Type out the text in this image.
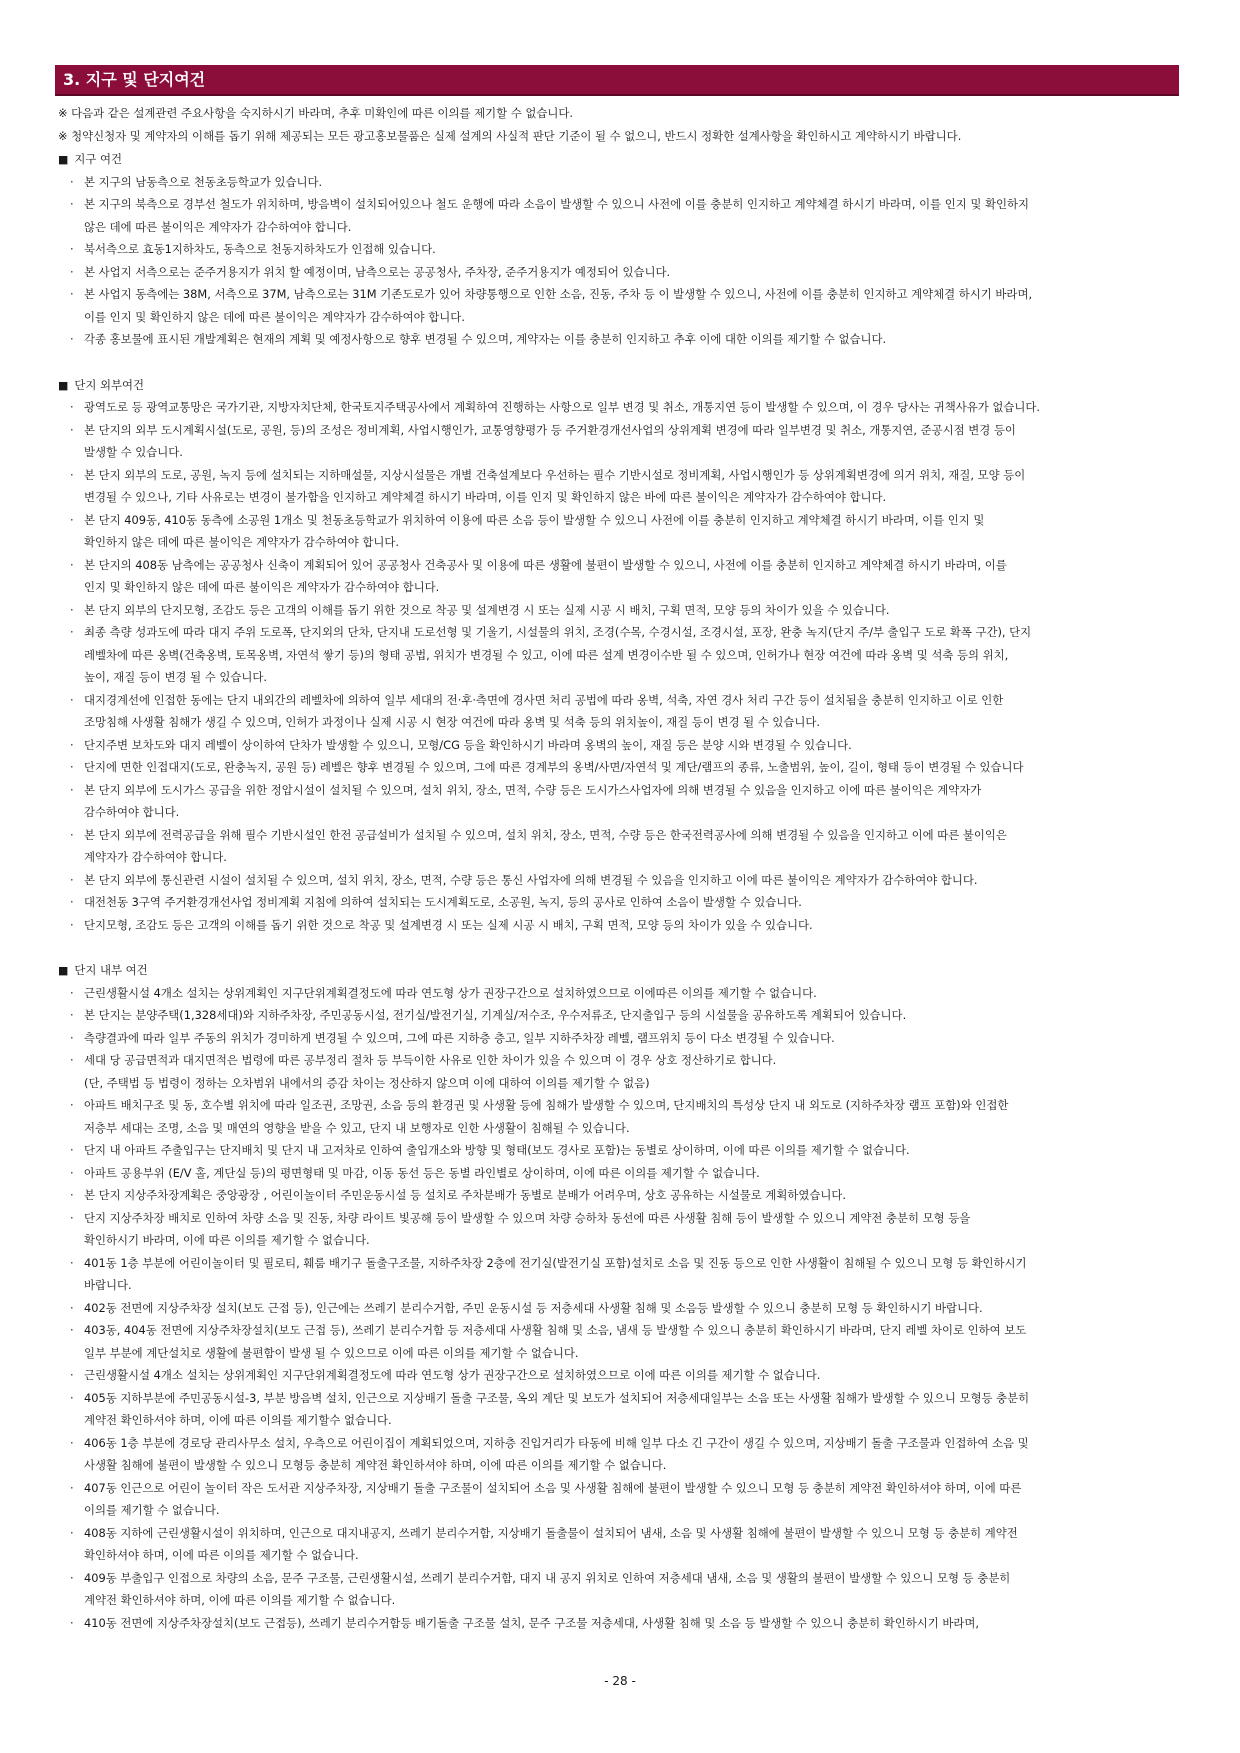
3. 지구 및 단지여건
※ 다음과 같은 설계관련 주요사항을 숙지하시기 바라며, 추후 미확인에 따른 이의를 제기할 수 없습니다.
※ 청약신청자 및 계약자의 이해를 돕기 위해 제공되는 모든 광고홍보물품은 실제 설계의 사실적 판단 기준이 될 수 없으니, 반드시 정확한 설계사항을 확인하시고 계약하시기 바랍니다.
■ 지구 여건
· 본 지구의 남동측으로 천동초등학교가 있습니다.
· 본 지구의 북측으로 경부선 철도가 위치하며, 방음벽이 설치되어있으나 철도 운행에 따라 소음이 발생할 수 있으니 사전에 이를 충분히 인지하고 계약체결 하시기 바라며, 이를 인지 및 확인하지
않은 데에 따른 불이익은 계약자가 감수하여야 합니다.
· 북서측으로 효동1지하차도, 동측으로 천동지하차도가 인접해 있습니다.
· 본 사업지 서측으로는 준주거용지가 위치 할 예정이며, 남측으로는 공공청사, 주차장, 준주거용지가 예정되어 있습니다.
· 본 사업지 동측에는 38M, 서측으로 37M, 남측으로는 31M 기존도로가 있어 차량통행으로 인한 소음, 진동, 주차 등 이 발생할 수 있으니, 사전에 이를 충분히 인지하고 계약체결 하시기 바라며,
이를 인지 및 확인하지 않은 데에 따른 불이익은 계약자가 감수하여야 합니다.
· 각종 홍보물에 표시된 개발계획은 현재의 계획 및 예정사항으로 향후 변경될 수 있으며, 계약자는 이를 충분히 인지하고 추후 이에 대한 이의를 제기할 수 없습니다.
■ 단지 외부여건
· 광역도로 등 광역교통망은 국가기관, 지방자치단체, 한국토지주택공사에서 계획하여 진행하는 사항으로 일부 변경 및 취소, 개통지연 등이 발생할 수 있으며, 이 경우 당사는 귀책사유가 없습니다.
· 본 단지의 외부 도시계획시설(도로, 공원, 등)의 조성은 정비계획, 사업시행인가, 교통영향평가 등 주거환경개선사업의 상위계획 변경에 따라 일부변경 및 취소, 개통지연, 준공시점 변경 등이
발생할 수 있습니다.
· 본 단지 외부의 도로, 공원, 녹지 등에 설치되는 지하매설물, 지상시설물은 개별 건축설계보다 우선하는 필수 기반시설로 정비계획, 사업시행인가 등 상위계획변경에 의거 위치, 재질, 모양 등이
변경될 수 있으나, 기타 사유로는 변경이 불가함을 인지하고 계약체결 하시기 바라며, 이를 인지 및 확인하지 않은 바에 따른 불이익은 계약자가 감수하여야 합니다.
· 본 단지 409동, 410동 동측에 소공원 1개소 및 천동초등학교가 위치하여 이용에 따른 소음 등이 발생할 수 있으니 사전에 이를 충분히 인지하고 계약체결 하시기 바라며, 이를 인지 및
확인하지 않은 데에 따른 불이익은 계약자가 감수하여야 합니다.
· 본 단지의 408동 남측에는 공공청사 신축이 계획되어 있어 공공청사 건축공사 및 이용에 따른 생활에 불편이 발생할 수 있으니, 사전에 이를 충분히 인지하고 계약체결 하시기 바라며, 이를
인지 및 확인하지 않은 데에 따른 불이익은 계약자가 감수하여야 합니다.
· 본 단지 외부의 단지모형, 조감도 등은 고객의 이해를 돕기 위한 것으로 착공 및 설계변경 시 또는 실제 시공 시 배치, 구획 면적, 모양 등의 차이가 있을 수 있습니다.
· 최종 측량 성과도에 따라 대지 주위 도로폭, 단지외의 단차, 단지내 도로선형 및 기울기, 시설물의 위치, 조경(수목, 수경시설, 조경시설, 포장, 완충 녹지(단지 주/부 출입구 도로 확폭 구간), 단지
레벨차에 따른 옹벽(건축옹벽, 토목옹벽, 자연석 쌓기 등)의 형태 공법, 위치가 변경될 수 있고, 이에 따른 설계 변경이수반 될 수 있으며, 인허가나 현장 여건에 따라 옹벽 및 석축 등의 위치,
높이, 재질 등이 변경 될 수 있습니다.
· 대지경계선에 인접한 동에는 단지 내외간의 레벨차에 의하여 일부 세대의 전·후·측면에 경사면 처리 공법에 따라 옹벽, 석축, 자연 경사 처리 구간 등이 설치됨을 충분히 인지하고 이로 인한
조망침해 사생활 침해가 생길 수 있으며, 인허가 과정이나 실제 시공 시 현장 여건에 따라 옹벽 및 석축 등의 위치높이, 재질 등이 변경 될 수 있습니다.
· 단지주변 보차도와 대지 레벨이 상이하여 단차가 발생할 수 있으니, 모형/CG 등을 확인하시기 바라며 옹벽의 높이, 재질 등은 분양 시와 변경될 수 있습니다.
· 단지에 면한 인접대지(도로, 완충녹지, 공원 등) 레벨은 향후 변경될 수 있으며, 그에 따른 경계부의 옹벽/사면/자연석 및 계단/램프의 종류, 노출범위, 높이, 길이, 형태 등이 변경될 수 있습니다
· 본 단지 외부에 도시가스 공급을 위한 정압시설이 설치될 수 있으며, 설치 위치, 장소, 면적, 수량 등은 도시가스사업자에 의해 변경될 수 있음을 인지하고 이에 따른 불이익은 계약자가
감수하여야 합니다.
· 본 단지 외부에 전력공급을 위해 필수 기반시설인 한전 공급설비가 설치될 수 있으며, 설치 위치, 장소, 면적, 수량 등은 한국전력공사에 의해 변경될 수 있음을 인지하고 이에 따른 불이익은
계약자가 감수하여야 합니다.
· 본 단지 외부에 통신관련 시설이 설치될 수 있으며, 설치 위치, 장소, 면적, 수량 등은 통신 사업자에 의해 변경될 수 있음을 인지하고 이에 따른 불이익은 계약자가 감수하여야 합니다.
· 대전천동 3구역 주거환경개선사업 정비계획 지침에 의하여 설치되는 도시계획도로, 소공원, 녹지, 등의 공사로 인하여 소음이 발생할 수 있습니다.
· 단지모형, 조감도 등은 고객의 이해를 돕기 위한 것으로 착공 및 설계변경 시 또는 실제 시공 시 배치, 구획 면적, 모양 등의 차이가 있을 수 있습니다.
■ 단지 내부 여건
· 근린생활시설 4개소 설치는 상위계획인 지구단위계획결정도에 따라 연도형 상가 권장구간으로 설치하였으므로 이에따른 이의를 제기할 수 없습니다.
· 본 단지는 분양주택(1,328세대)와 지하주차장, 주민공동시설, 전기실/발전기실, 기계실/저수조, 우수저류조, 단지출입구 등의 시설물을 공유하도록 계획되어 있습니다.
· 측량결과에 따라 일부 주동의 위치가 경미하게 변경될 수 있으며, 그에 따른 지하층 층고, 일부 지하주차장 레벨, 램프위치 등이 다소 변경될 수 있습니다.
· 세대 당 공급면적과 대지면적은 법령에 따른 공부정리 절차 등 부득이한 사유로 인한 차이가 있을 수 있으며 이 경우 상호 정산하기로 합니다.
(단, 주택법 등 법령이 정하는 오차범위 내에서의 증감 차이는 정산하지 않으며 이에 대하여 이의를 제기할 수 없음)
· 아파트 배치구조 및 동, 호수별 위치에 따라 일조권, 조망권, 소음 등의 환경권 및 사생활 등에 침해가 발생할 수 있으며, 단지배치의 특성상 단지 내 외도로 (지하주차장 램프 포함)와 인접한
저층부 세대는 조명, 소음 및 매연의 영향을 받을 수 있고, 단지 내 보행자로 인한 사생활이 침해될 수 있습니다.
· 단지 내 아파트 주출입구는 단지배치 및 단지 내 고저차로 인하여 출입개소와 방향 및 형태(보도 경사로 포함)는 동별로 상이하며, 이에 따른 이의를 제기할 수 없습니다.
· 아파트 공용부위 (E/V 홀, 계단실 등)의 평면형태 및 마감, 이동 동선 등은 동별 라인별로 상이하며, 이에 따른 이의를 제기할 수 없습니다.
· 본 단지 지상주차장계획은 중앙광장 , 어린이놀이터 주민운동시설 등 설치로 주차분배가 동별로 분배가 어려우며, 상호 공유하는 시설물로 계획하였습니다.
· 단지 지상주차장 배치로 인하여 차량 소음 및 진동, 차량 라이트 빛공해 등이 발생할 수 있으며 차량 승하차 동선에 따른 사생활 침해 등이 발생할 수 있으니 계약전 충분히 모형 등을
확인하시기 바라며, 이에 따른 이의를 제기할 수 없습니다.
· 401동 1층 부분에 어린이놀이터 및 필로티, 훼룸 배기구 돌출구조물, 지하주차장 2층에 전기실(발전기실 포함)설치로 소음 및 진동 등으로 인한 사생활이 침해될 수 있으니 모형 등 확인하시기
바랍니다.
· 402동 전면에 지상주차장 설치(보도 근접 등), 인근에는 쓰레기 분리수거함, 주민 운동시설 등 저층세대 사생활 침해 및 소음등 발생할 수 있으니 충분히 모형 등 확인하시기 바랍니다.
· 403동, 404동 전면에 지상주차장설치(보도 근접 등), 쓰레기 분리수거함 등 저층세대 사생활 침해 및 소음, 냄새 등 발생할 수 있으니 충분히 확인하시기 바라며, 단지 레벨 차이로 인하여 보도
일부 부분에 계단설치로 생활에 불편함이 발생 될 수 있으므로 이에 따른 이의를 제기할 수 없습니다.
· 근린생활시설 4개소 설치는 상위계획인 지구단위계획결정도에 따라 연도형 상가 권장구간으로 설치하였으므로 이에 따른 이의를 제기할 수 없습니다.
· 405동 지하부분에 주민공동시설-3, 부분 방음벽 설치, 인근으로 지상배기 돌출 구조물, 옥외 계단 및 보도가 설치되어 저층세대일부는 소음 또는 사생활 침해가 발생할 수 있으니 모형등 충분히
계약전 확인하셔야 하며, 이에 따른 이의를 제기할수 없습니다.
· 406동 1층 부분에 경로당 관리사무소 설치, 우측으로 어린이집이 계획되었으며, 지하층 진입거리가 타동에 비해 일부 다소 긴 구간이 생길 수 있으며, 지상배기 돌출 구조물과 인접하여 소음 및
사생활 침해에 불편이 발생할 수 있으니 모형등 충분히 계약전 확인하셔야 하며, 이에 따른 이의를 제기할 수 없습니다.
· 407동 인근으로 어린이 놀이터 작은 도서관 지상주차장, 지상배기 돌출 구조물이 설치되어 소음 및 사생활 침해에 불편이 발생할 수 있으니 모형 등 충분히 계약전 확인하셔야 하며, 이에 따른
이의를 제기할 수 없습니다.
· 408동 지하에 근린생활시설이 위치하며, 인근으로 대지내공지, 쓰레기 분리수거함, 지상배기 돌출물이 설치되어 냄새, 소음 및 사생활 침해에 불편이 발생할 수 있으니 모형 등 충분히 계약전
확인하셔야 하며, 이에 따른 이의를 제기할 수 없습니다.
· 409동 부출입구 인접으로 차량의 소음, 문주 구조물, 근린생활시설, 쓰레기 분리수거함, 대지 내 공지 위치로 인하여 저층세대 냄새, 소음 및 생활의 불편이 발생할 수 있으니 모형 등 충분히
계약전 확인하셔야 하며, 이에 따른 이의를 제기할 수 없습니다.
· 410동 전면에 지상주차장설치(보도 근접등), 쓰레기 분리수거함등 배기돌출 구조물 설치, 문주 구조물 저층세대, 사생활 침해 및 소음 등 발생할 수 있으니 충분히 확인하시기 바라며,
- 28 -
